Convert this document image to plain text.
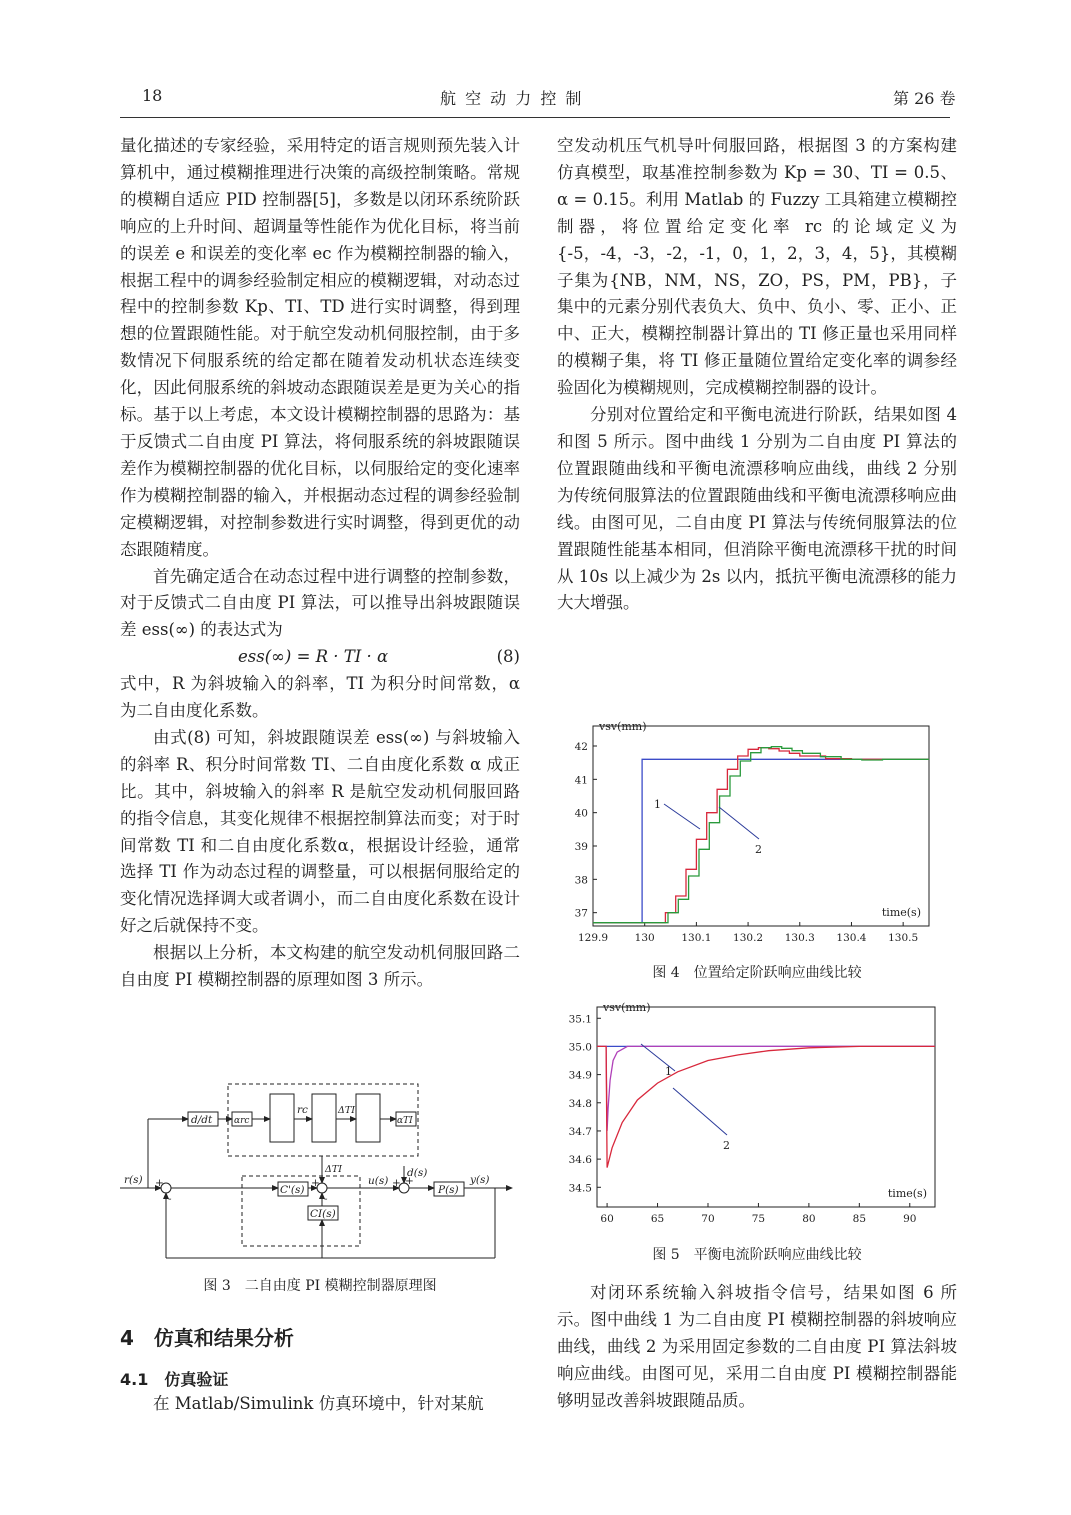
18	航 空 动 力 控 制	第 26 卷

量化描述的专家经验，采用特定的语言规则预先装入计算机中，通过模糊推理进行决策的高级控制策略。常规的模糊自适应 PID 控制器[5]，多数是以闭环系统阶跃响应的上升时间、超调量等性能作为优化目标，将当前的误差 e 和误差的变化率 ec 作为模糊控制器的输入，根据工程中的调参经验制定相应的模糊逻辑，对动态过程中的控制参数 Kp、TI、TD 进行实时调整，得到理想的位置跟随性能。对于航空发动机伺服控制，由于多数情况下伺服系统的给定都在随着发动机状态连续变化，因此伺服系统的斜坡动态跟随误差是更为关心的指标。基于以上考虑，本文设计模糊控制器的思路为：基于反馈式二自由度 PI 算法，将伺服系统的斜坡跟随误差作为模糊控制器的优化目标，以伺服给定的变化速率作为模糊控制器的输入，并根据动态过程的调参经验制定模糊逻辑，对控制参数进行实时调整，得到更优的动态跟随精度。

首先确定适合在动态过程中进行调整的控制参数，对于反馈式二自由度 PI 算法，可以推导出斜坡跟随误差 ess(∞) 的表达式为

ess(∞) = R · TI · α	(8)

式中，R 为斜坡输入的斜率，TI 为积分时间常数，α 为二自由度化系数。

由式(8) 可知，斜坡跟随误差 ess(∞) 与斜坡输入的斜率 R、积分时间常数 TI、二自由度化系数 α 成正比。其中，斜坡输入的斜率 R 是航空发动机伺服回路的指令信息，其变化规律不根据控制算法而变；对于时间常数 TI 和二自由度化系数α，根据设计经验，通常选择 TI 作为动态过程的调整量，可以根据伺服给定的变化情况选择调大或者调小，而二自由度化系数在设计好之后就保持不变。

根据以上分析，本文构建的航空发动机伺服回路二自由度 PI 模糊控制器的原理如图 3 所示。

d/dt αrc
rc	ΔTI
αTI
ΔTI
r(s) +
-
C'(s)
+
-
CI(s)
u(s)
d(s)
+ +
P(s)
y(s)
图 3　二自由度 PI 模糊控制器原理图
4　仿真和结果分析
4.1　仿真验证

在 Matlab/Simulink 仿真环境中，针对某航

空发动机压气机导叶伺服回路，根据图 3 的方案构建仿真模型，取基准控制参数为 Kp = 30、TI = 0.5、α = 0.15。利用 Matlab 的 Fuzzy 工具箱建立模糊控制器，将位置给定变化率 rc 的论域定义为 {-5，-4，-3，-2，-1，0，1，2，3，4，5}，其模糊子集为{NB，NM，NS，ZO，PS，PM，PB}，子集中的元素分别代表负大、负中、负小、零、正小、正中、正大，模糊控制器计算出的 TI 修正量也采用同样的模糊子集，将 TI 修正量随位置给定变化率的调参经验固化为模糊规则，完成模糊控制器的设计。

分别对位置给定和平衡电流进行阶跃，结果如图 4 和图 5 所示。图中曲线 1 分别为二自由度 PI 算法的位置跟随曲线和平衡电流漂移响应曲线，曲线 2 分别为传统伺服算法的位置跟随曲线和平衡电流漂移响应曲线。由图可见，二自由度 PI 算法与传统伺服算法的位置跟随性能基本相同，但消除平衡电流漂移干扰的时间从 10s 以上减少为 2s 以内，抵抗平衡电流漂移的能力大大增强。

129.9	130	130.1 130.2 130.3 130.4 130.5
37
38
39
40
41
42
vsv(mm)
time(s)
1
2
图 4　位置给定阶跃响应曲线比较
60	65	70	75	80	85	90
35.1
35.0
34.9
34.8
34.7
34.6
34.5
vsv(mm)
time(s)
1
2
图 5　平衡电流阶跃响应曲线比较

对闭环系统输入斜坡指令信号，结果如图 6 所示。图中曲线 1 为二自由度 PI 模糊控制器的斜坡响应曲线，曲线 2 为采用固定参数的二自由度 PI 算法斜坡响应曲线。由图可见，采用二自由度 PI 模糊控制器能够明显改善斜坡跟随品质。
